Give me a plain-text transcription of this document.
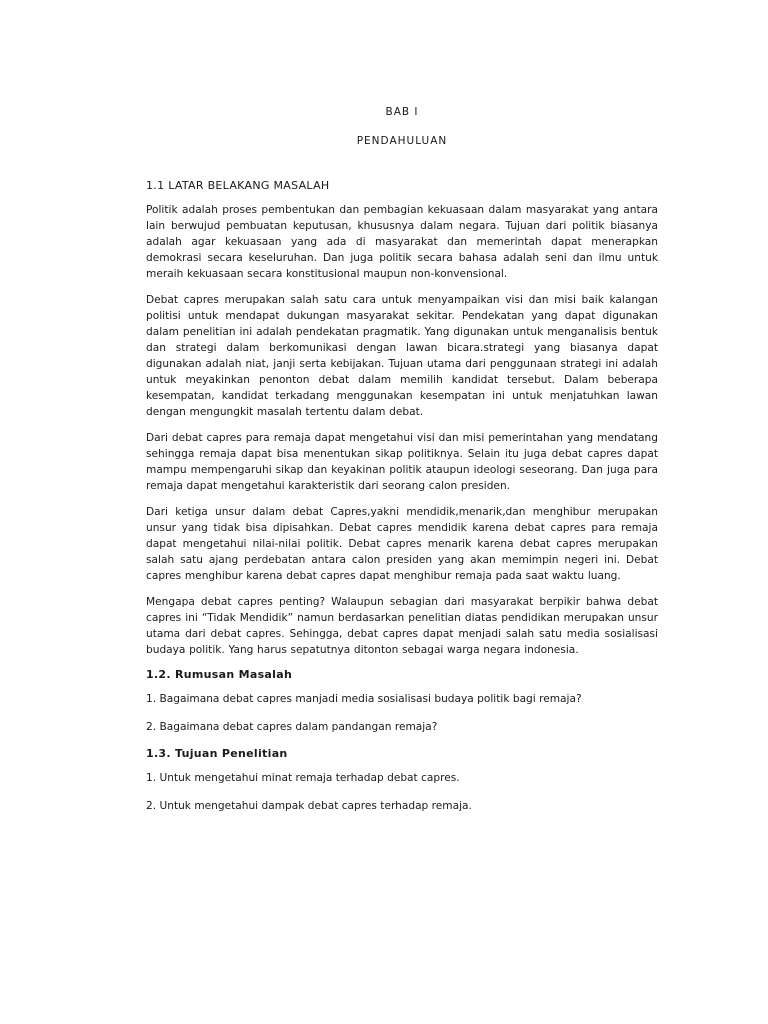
BAB I

PENDAHULUAN

1.1 LATAR BELAKANG MASALAH

Politik adalah proses pembentukan dan pembagian kekuasaan dalam masyarakat yang antara lain berwujud pembuatan keputusan, khususnya dalam negara. Tujuan dari politik biasanya adalah agar kekuasaan yang ada di masyarakat dan memerintah dapat menerapkan demokrasi secara keseluruhan. Dan juga politik secara bahasa adalah seni dan ilmu untuk meraih kekuasaan secara konstitusional maupun non-konvensional.

Debat capres merupakan salah satu cara untuk menyampaikan visi dan misi baik kalangan politisi untuk mendapat dukungan masyarakat sekitar. Pendekatan yang dapat digunakan dalam penelitian ini adalah pendekatan pragmatik. Yang digunakan untuk menganalisis bentuk dan strategi dalam berkomunikasi dengan lawan bicara.strategi yang biasanya dapat digunakan adalah niat, janji serta kebijakan. Tujuan utama dari penggunaan strategi ini adalah untuk meyakinkan penonton debat dalam memilih kandidat tersebut. Dalam beberapa kesempatan, kandidat terkadang menggunakan kesempatan ini untuk menjatuhkan lawan dengan mengungkit masalah tertentu dalam debat.

Dari debat capres para remaja dapat mengetahui visi dan misi pemerintahan yang mendatang sehingga remaja dapat bisa menentukan sikap politiknya. Selain itu juga debat capres dapat mampu mempengaruhi sikap dan keyakinan politik ataupun ideologi seseorang. Dan juga para remaja dapat mengetahui karakteristik dari seorang calon presiden.

Dari ketiga unsur dalam debat Capres,yakni mendidik,menarik,dan menghibur merupakan unsur yang tidak bisa dipisahkan. Debat capres mendidik karena debat capres para remaja dapat mengetahui nilai-nilai politik. Debat capres menarik karena debat capres merupakan salah satu ajang perdebatan antara calon presiden yang akan memimpin negeri ini. Debat capres menghibur karena debat capres dapat menghibur remaja pada saat waktu luang.

Mengapa debat capres penting? Walaupun sebagian dari masyarakat berpikir bahwa debat capres ini “Tidak Mendidik” namun berdasarkan penelitian diatas pendidikan merupakan unsur utama dari debat capres. Sehingga, debat capres dapat menjadi salah satu media sosialisasi budaya politik. Yang harus sepatutnya ditonton sebagai warga negara indonesia.

1.2. Rumusan Masalah

1. Bagaimana debat capres manjadi media sosialisasi budaya politik bagi remaja?

2. Bagaimana debat capres dalam pandangan remaja?

1.3. Tujuan Penelitian

1. Untuk mengetahui minat remaja terhadap debat capres.

2. Untuk mengetahui dampak debat capres terhadap remaja.
